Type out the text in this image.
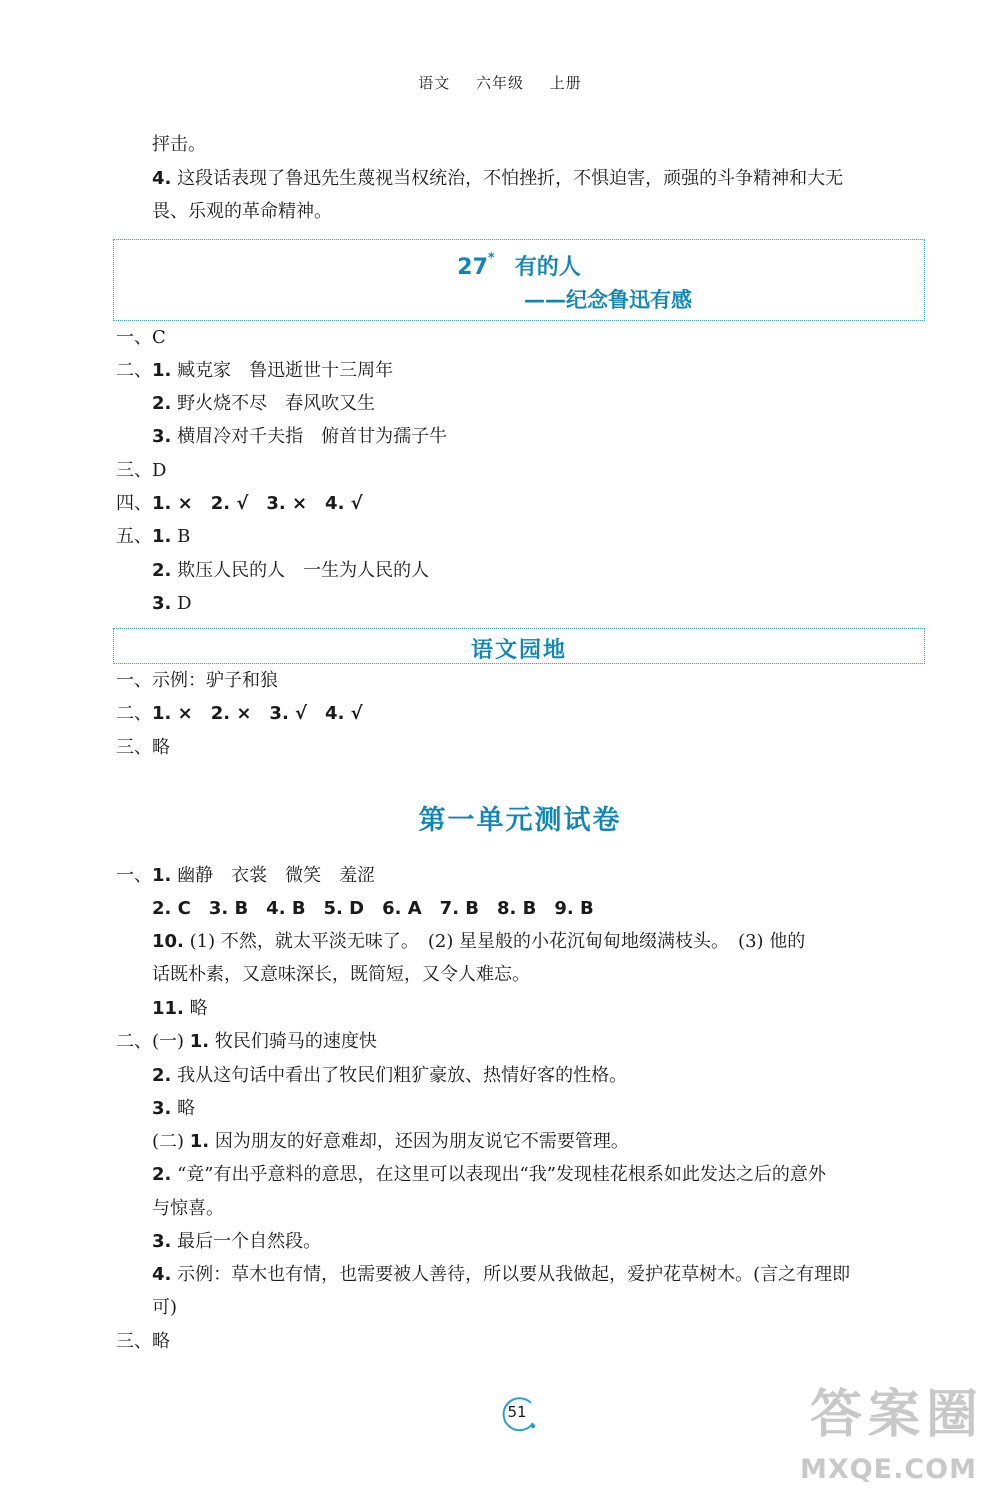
语文 六年级 上册
抨击。
4. 这段话表现了鲁迅先生蔑视当权统治，不怕挫折，不惧迫害，顽强的斗争精神和大无
畏、乐观的革命精神。
27* 有的人
——纪念鲁迅有感
一、C
二、1. 臧克家　鲁迅逝世十三周年
2. 野火烧不尽　春风吹又生
3. 横眉冷对千夫指　俯首甘为孺子牛
三、D
四、1. ×　2. √　3. ×　4. √
五、1. B
2. 欺压人民的人　一生为人民的人
3. D
语文园地
一、示例：驴子和狼
二、1. ×　2. ×　3. √　4. √
三、略
第一单元测试卷
一、1. 幽静　衣裳　微笑　羞涩
2. C　3. B　4. B　5. D　6. A　7. B　8. B　9. B
10. (1) 不然，就太平淡无味了。　(2) 星星般的小花沉甸甸地缀满枝头。　(3) 他的
话既朴素，又意味深长，既简短，又令人难忘。
11. 略
二、(一) 1. 牧民们骑马的速度快
2. 我从这句话中看出了牧民们粗犷豪放、热情好客的性格。
3. 略
(二) 1. 因为朋友的好意难却，还因为朋友说它不需要管理。
2. “竟”有出乎意料的意思，在这里可以表现出“我”发现桂花根系如此发达之后的意外
与惊喜。
3. 最后一个自然段。
4. 示例：草木也有情，也需要被人善待，所以要从我做起，爱护花草树木。(言之有理即
可)
三、略
51	答案圈
MXQE.COM
